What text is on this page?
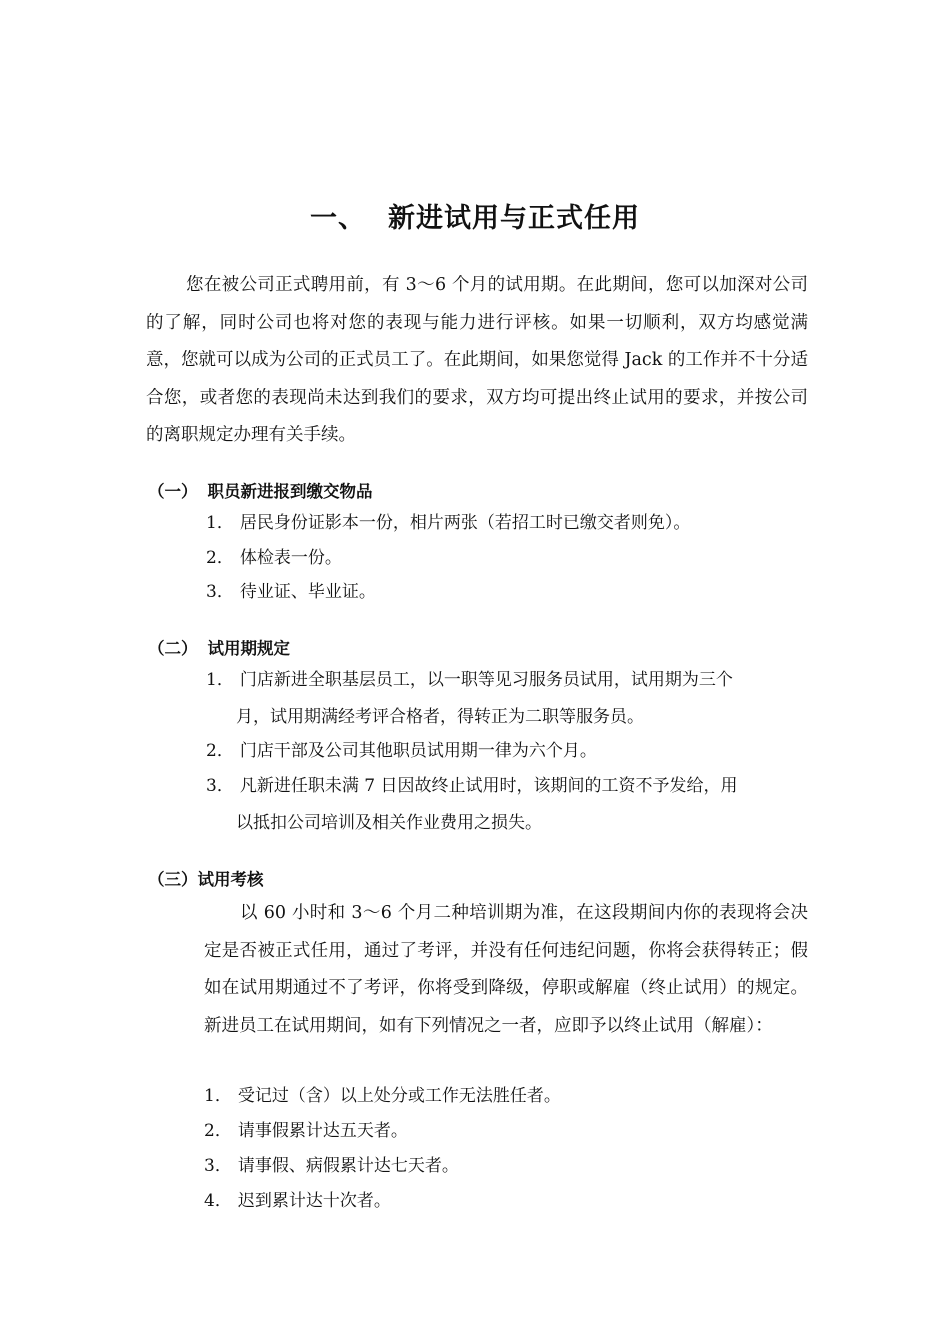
一、 新进试用与正式任用
您在被公司正式聘用前，有 3～6 个月的试用期。在此期间，您可以加深对公司的了解，同时公司也将对您的表现与能力进行评核。如果一切顺利，双方均感觉满意，您就可以成为公司的正式员工了。在此期间，如果您觉得 Jack 的工作并不十分适合您，或者您的表现尚未达到我们的要求，双方均可提出终止试用的要求，并按公司的离职规定办理有关手续。
（一） 职员新进报到缴交物品
1． 居民身份证影本一份，相片两张（若招工时已缴交者则免）。
2． 体检表一份。
3． 待业证、毕业证。
（二） 试用期规定
1． 门店新进全职基层员工，以一职等见习服务员试用，试用期为三个
月，试用期满经考评合格者，得转正为二职等服务员。
2． 门店干部及公司其他职员试用期一律为六个月。
3． 凡新进任职未满 7 日因故终止试用时，该期间的工资不予发给，用
以抵扣公司培训及相关作业费用之损失。
（三）试用考核
以 60 小时和 3～6 个月二种培训期为准，在这段期间内你的表现将会决定是否被正式任用，通过了考评，并没有任何违纪问题，你将会获得转正；假如在试用期通过不了考评，你将受到降级，停职或解雇（终止试用）的规定。新进员工在试用期间，如有下列情况之一者，应即予以终止试用（解雇）：
1． 受记过（含）以上处分或工作无法胜任者。
2． 请事假累计达五天者。
3． 请事假、病假累计达七天者。
4． 迟到累计达十次者。
